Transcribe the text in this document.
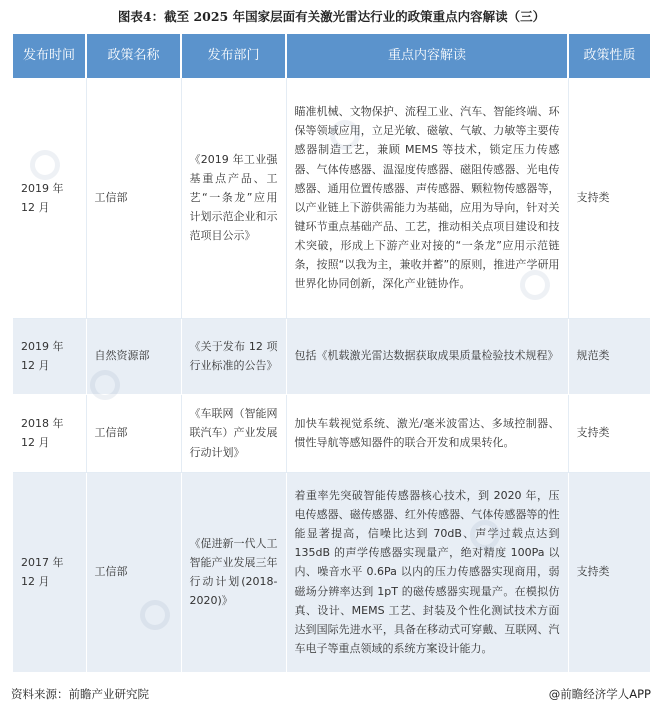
图表4：截至 2025 年国家层面有关激光雷达行业的政策重点内容解读（三）
发布时间	政策名称	发布部门	重点内容解读	政策性质
2019 年 12 月	工信部	《2019 年工业强基重点产品、工艺“一条龙”应用计划示范企业和示范项目公示》	瞄准机械、文物保护、流程工业、汽车、智能终端、环保等领域应用，立足光敏、磁敏、气敏、力敏等主要传感器制造工艺，兼顾 MEMS 等技术，锁定压力传感器、气体传感器、温湿度传感器、磁阻传感器、光电传感器、通用位置传感器、声传感器、颗粒物传感器等，以产业链上下游供需能力为基础，应用为导向，针对关键环节重点基础产品、工艺，推动相关点项目建设和技术突破，形成上下游产业对接的“一条龙”应用示范链条，按照“以我为主，兼收并蓄”的原则，推进产学研用世界化协同创新，深化产业链协作。	支持类
2019 年 12 月	自然资源部	《关于发布 12 项行业标准的公告》	包括《机载激光雷达数据获取成果质量检验技术规程》	规范类
2018 年 12 月	工信部	《车联网（智能网联汽车）产业发展行动计划》	加快车载视觉系统、激光/毫米波雷达、多域控制器、惯性导航等感知器件的联合开发和成果转化。	支持类
2017 年 12 月	工信部	《促进新一代人工智能产业发展三年行动计划(2018-2020)》	着重率先突破智能传感器核心技术，到 2020 年，压电传感器、磁传感器、红外传感器、气体传感器等的性能显著提高，信噪比达到 70dB、声学过载点达到 135dB 的声学传感器实现量产，绝对精度 100Pa 以内、噪音水平 0.6Pa 以内的压力传感器实现商用，弱磁场分辨率达到 1pT 的磁传感器实现量产。在模拟仿真、设计、MEMS 工艺、封装及个性化测试技术方面达到国际先进水平，具备在移动式可穿戴、互联网、汽车电子等重点领域的系统方案设计能力。	支持类
资料来源：前瞻产业研究院	@前瞻经济学人APP
